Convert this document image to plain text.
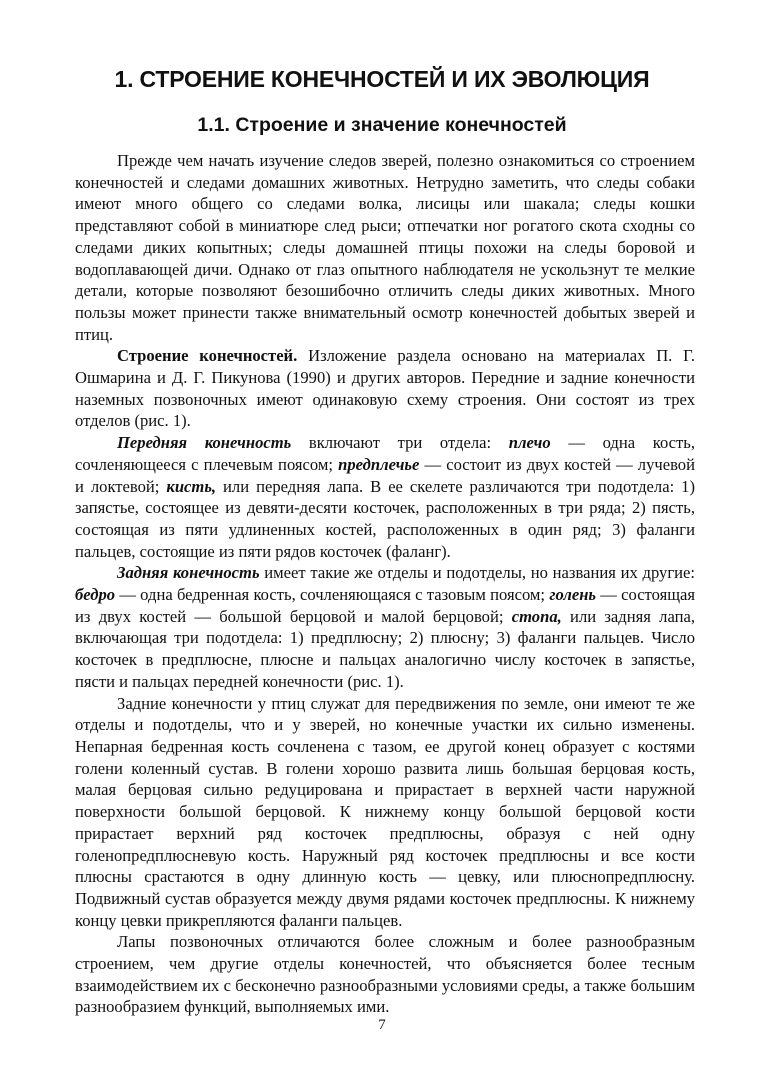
1. СТРОЕНИЕ КОНЕЧНОСТЕЙ И ИХ ЭВОЛЮЦИЯ
1.1. Строение и значение конечностей

Прежде чем начать изучение следов зверей, полезно ознакомиться со строением конечностей и следами домашних животных. Нетрудно заметить, что следы собаки имеют много общего со следами волка, лисицы или шакала; следы кошки представляют собой в миниатюре след рыси; отпечатки ног рогатого скота сходны со следами диких копытных; следы домашней птицы похожи на следы боровой и водоплавающей дичи. Однако от глаз опытного наблюдателя не ускользнут те мелкие детали, которые позволяют безошибочно отличить следы диких животных. Много пользы может принести также внимательный осмотр конечностей добытых зверей и птиц.

Строение конечностей. Изложение раздела основано на материалах П. Г. Ошмарина и Д. Г. Пикунова (1990) и других авторов. Передние и задние конечности наземных позвоночных имеют одинаковую схему строения. Они состоят из трех отделов (рис. 1).

Передняя конечность включают три отдела: плечо — одна кость, сочленяющееся с плечевым поясом; предплечье — состоит из двух костей — лучевой и локтевой; кисть, или передняя лапа. В ее скелете различаются три подотдела: 1) запястье, состоящее из девяти-десяти косточек, расположенных в три ряда; 2) пясть, состоящая из пяти удлиненных костей, расположенных в один ряд; 3) фаланги пальцев, состоящие из пяти рядов косточек (фаланг).

Задняя конечность имеет такие же отделы и подотделы, но названия их другие: бедро — одна бедренная кость, сочленяющаяся с тазовым поясом; голень — состоящая из двух костей — большой берцовой и малой берцовой; стопа, или задняя лапа, включающая три подотдела: 1) предплюсну; 2) плюсну; 3) фаланги пальцев. Число косточек в предплюсне, плюсне и пальцах аналогично числу косточек в запястье, пясти и пальцах передней конечности (рис. 1).

Задние конечности у птиц служат для передвижения по земле, они имеют те же отделы и подотделы, что и у зверей, но конечные участки их сильно изменены. Непарная бедренная кость сочленена с тазом, ее другой конец образует с костями голени коленный сустав. В голени хорошо развита лишь большая берцовая кость, малая берцовая сильно редуцирована и прирастает в верхней части наружной поверхности большой берцовой. К нижнему концу большой берцовой кости прирастает верхний ряд косточек предплюсны, образуя с ней одну голенопредплюсневую кость. Наружный ряд косточек предплюсны и все кости плюсны срастаются в одну длинную кость — цевку, или плюснопредплюсну. Подвижный сустав образуется между двумя рядами косточек предплюсны. К нижнему концу цевки прикрепляются фаланги пальцев.

Лапы позвоночных отличаются более сложным и более разнообразным строением, чем другие отделы конечностей, что объясняется более тесным взаимодействием их с бесконечно разнообразными условиями среды, а также большим разнообразием функций, выполняемых ими.

7
